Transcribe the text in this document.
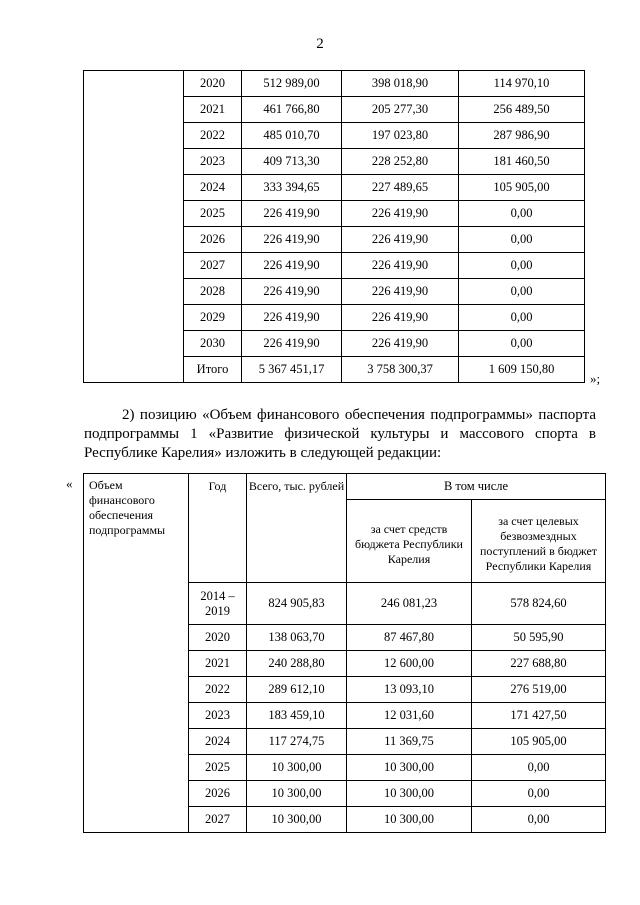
2
	2020	512 989,00	398 018,90	114 970,10
	2021	461 766,80	205 277,30	256 489,50
	2022	485 010,70	197 023,80	287 986,90
	2023	409 713,30	228 252,80	181 460,50
	2024	333 394,65	227 489,65	105 905,00
	2025	226 419,90	226 419,90	0,00
	2026	226 419,90	226 419,90	0,00
	2027	226 419,90	226 419,90	0,00
	2028	226 419,90	226 419,90	0,00
	2029	226 419,90	226 419,90	0,00
	2030	226 419,90	226 419,90	0,00
	Итого	5 367 451,17	3 758 300,37	1 609 150,80
»;

2) позицию «Объем финансового обеспечения подпрограммы» паспорта подпрограммы 1 «Развитие физической культуры и массового спорта в Республике Карелия» изложить в следующей редакции:

« Объем финансового обеспечения подпрограммы	Год	Всего, тыс. рублей	В том числе	
			за счет средств бюджета Республики Карелия	за счет целевых безвозмездных поступлений в бюджет Республики Карелия
	2014 – 2019	824 905,83	246 081,23	578 824,60
	2020	138 063,70	87 467,80	50 595,90
	2021	240 288,80	12 600,00	227 688,80
	2022	289 612,10	13 093,10	276 519,00
	2023	183 459,10	12 031,60	171 427,50
	2024	117 274,75	11 369,75	105 905,00
	2025	10 300,00	10 300,00	0,00
	2026	10 300,00	10 300,00	0,00
	2027	10 300,00	10 300,00	0,00
